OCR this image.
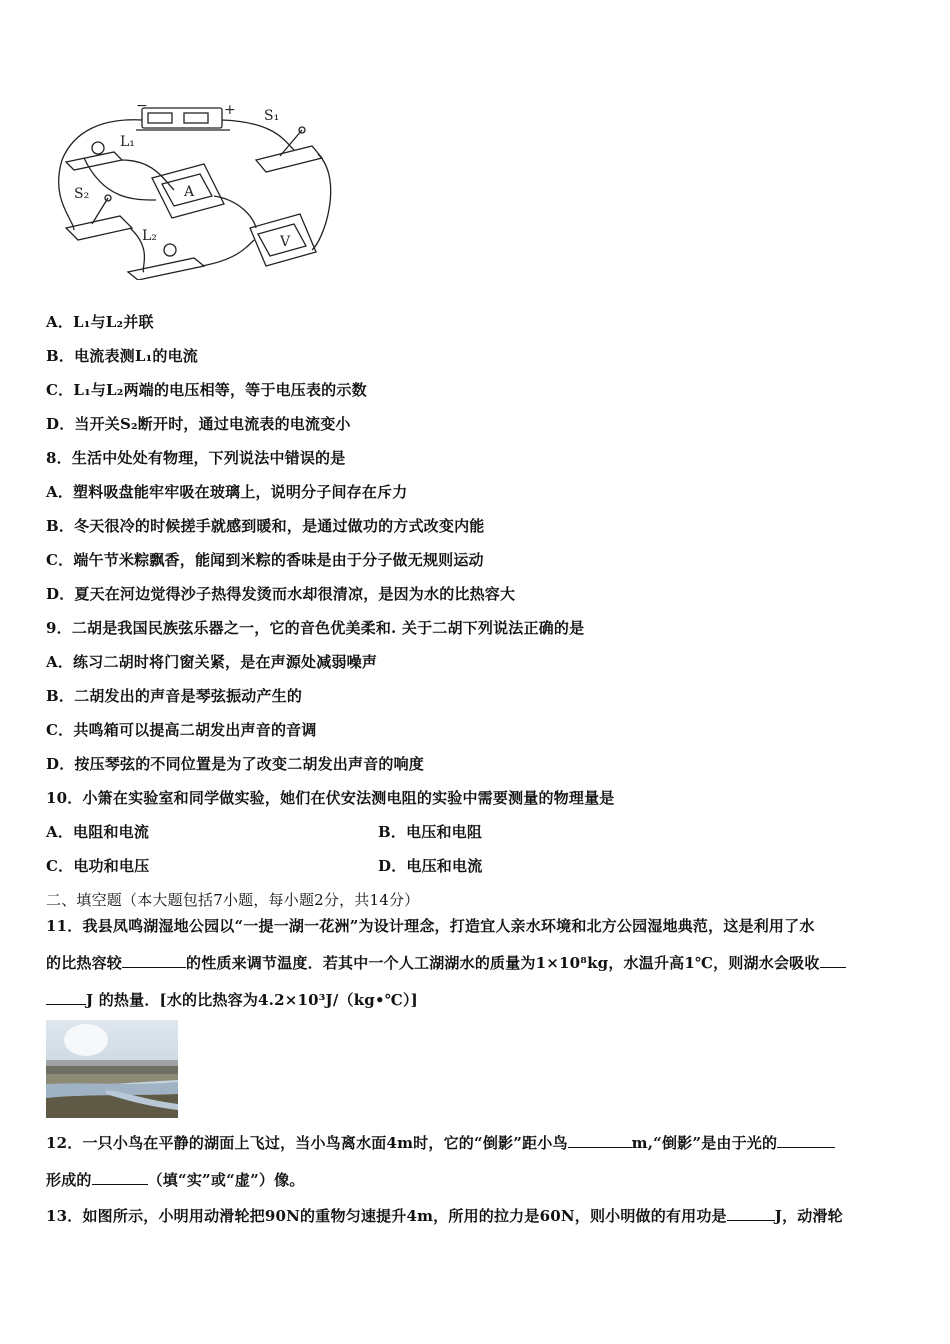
−	+ S₁
S₂
L₁
L₂
A
V
A．L₁与L₂并联
B．电流表测L₁的电流
C．L₁与L₂两端的电压相等，等于电压表的示数
D．当开关S₂断开时，通过电流表的电流变小
8．生活中处处有物理，下列说法中错误的是
A．塑料吸盘能牢牢吸在玻璃上，说明分子间存在斥力
B．冬天很冷的时候搓手就感到暖和，是通过做功的方式改变内能
C．端午节米粽飘香，能闻到米粽的香味是由于分子做无规则运动
D．夏天在河边觉得沙子热得发烫而水却很清凉，是因为水的比热容大
9．二胡是我国民族弦乐器之一，它的音色优美柔和. 关于二胡下列说法正确的是
A．练习二胡时将门窗关紧，是在声源处减弱噪声
B．二胡发出的声音是琴弦振动产生的
C．共鸣箱可以提高二胡发出声音的音调
D．按压琴弦的不同位置是为了改变二胡发出声音的响度
10．小箫在实验室和同学做实验，她们在伏安法测电阻的实验中需要测量的物理量是
A．电阻和电流	B．电压和电阻
C．电功和电压	D．电压和电流
二、填空题（本大题包括7小题，每小题2分，共14分）
11．我县凤鸣湖湿地公园以“一提一湖一花洲”为设计理念，打造宜人亲水环境和北方公园湿地典范，这是利用了水
的比热容较	的性质来调节温度．若其中一个人工湖湖水的质量为1×10⁸kg，水温升高1℃，则湖水会吸收
J 的热量．[水的比热容为4.2×10³J/（kg•℃）]
12．一只小鸟在平静的湖面上飞过，当小鸟离水面4m时，它的“倒影”距小鸟	m,“倒影”是由于光的
形成的	（填“实”或“虚”）像。
13．如图所示，小明用动滑轮把90N的重物匀速提升4m，所用的拉力是60N，则小明做的有用功是	J，动滑轮
